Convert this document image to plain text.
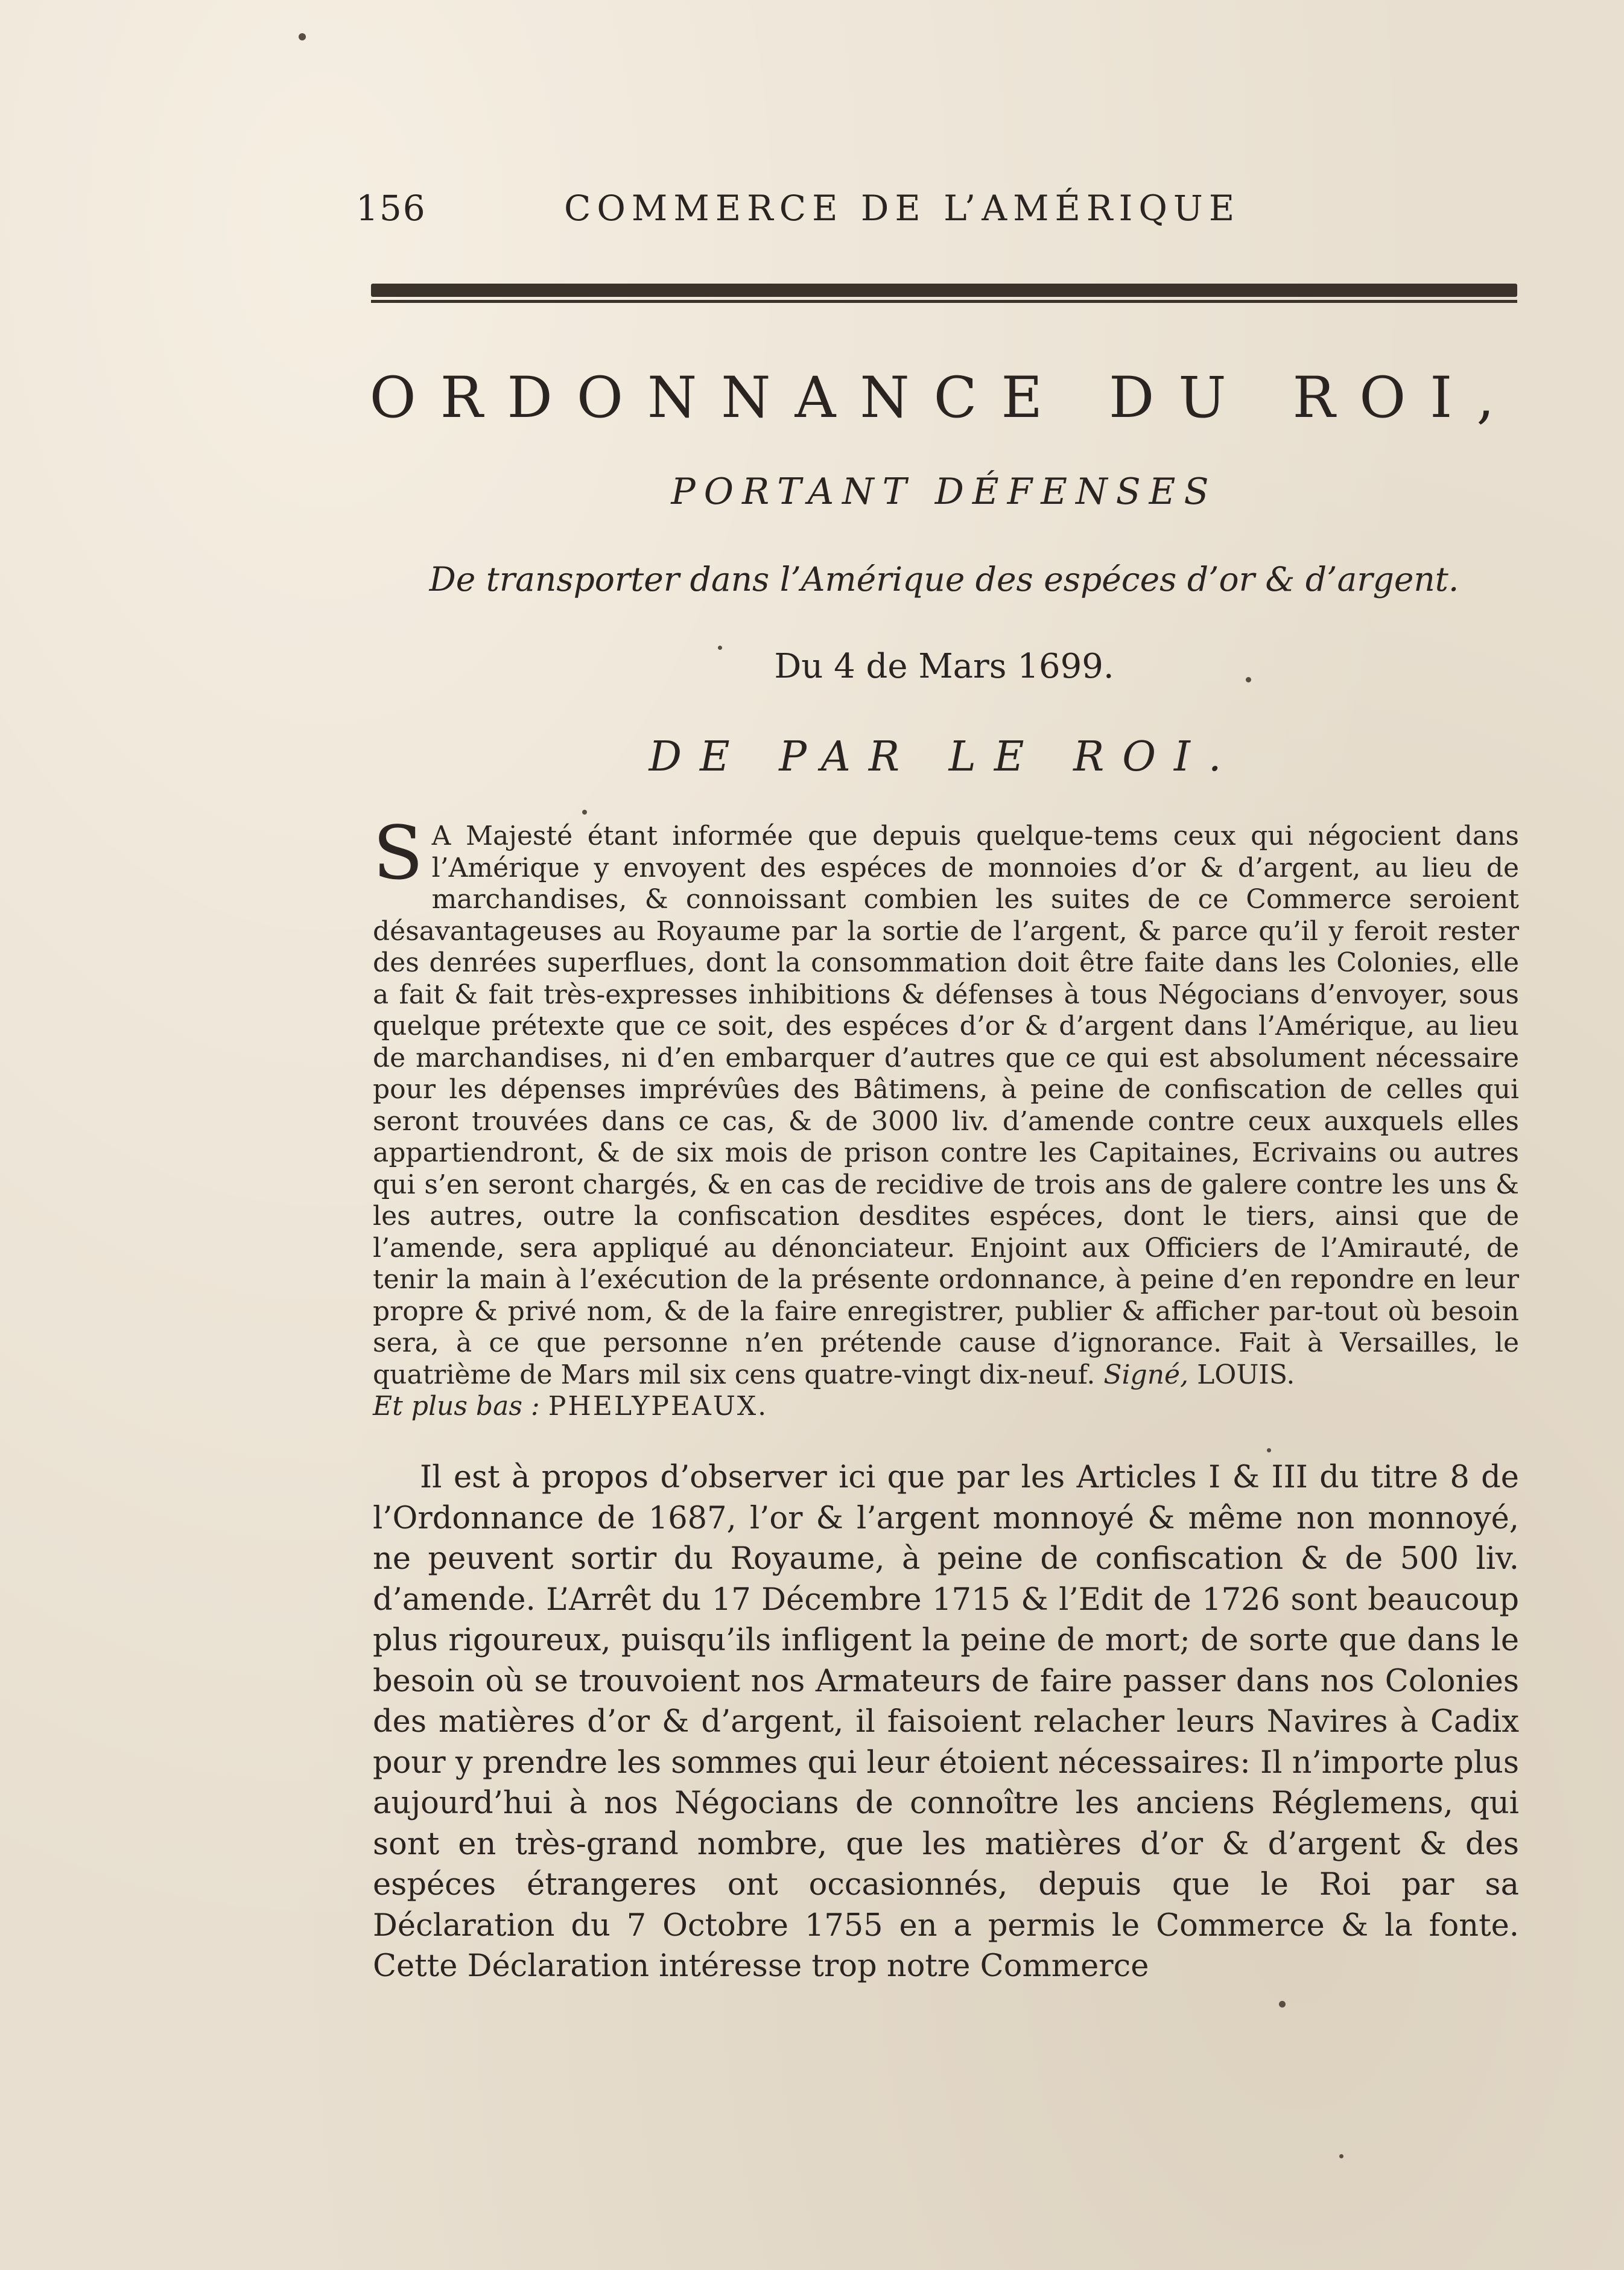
156	COMMERCE DE L’AMÉRIQUE
ORDONNANCE DU ROI,
PORTANT DÉFENSES
De transporter dans l’Amérique des espéces d’or & d’argent.
Du 4 de Mars 1699.
DE PAR LE ROI.
S A Majesté étant informée que depuis quelque-tems ceux qui négocient dans l’Amérique y envoyent des espéces de monnoies d’or & d’argent, au lieu de marchandises, & connoissant combien les suites de ce Commerce seroient désavantageuses au Royaume par la sortie de l’argent, & parce qu’il y feroit rester des denrées superflues, dont la consommation doit être faite dans les Colonies, elle a fait & fait très-expresses inhibitions & défenses à tous Négocians d’envoyer, sous quelque prétexte que ce soit, des espéces d’or & d’argent dans l’Amérique, au lieu de marchandises, ni d’en embarquer d’autres que ce qui est absolument nécessaire pour les dépenses imprévûes des Bâtimens, à peine de confiscation de celles qui seront trouvées dans ce cas, & de 3000 liv. d’amende contre ceux auxquels elles appartiendront, & de six mois de prison contre les Capitaines, Ecrivains ou autres qui s’en seront chargés, & en cas de recidive de trois ans de galere contre les uns & les autres, outre la confiscation desdites espéces, dont le tiers, ainsi que de l’amende, sera appliqué au dénonciateur. Enjoint aux Officiers de l’Amirauté, de tenir la main à l’exécution de la présente ordonnance, à peine d’en repondre en leur propre & privé nom, & de la faire enregistrer, publier & afficher par-tout où besoin sera, à ce que personne n’en prétende cause d’ignorance. Fait à Versailles, le quatrième de Mars mil six cens quatre-vingt dix-neuf. Signé, LOUIS.
Et plus bas : PHELYPEAUX.
Il est à propos d’observer ici que par les Articles I & III du titre 8 de l’Ordonnance de 1687, l’or & l’argent monnoyé & même non monnoyé, ne peuvent sortir du Royaume, à peine de confiscation & de 500 liv. d’amende. L’Arrêt du 17 Décembre 1715 & l’Edit de 1726 sont beaucoup plus rigoureux, puisqu’ils infligent la peine de mort; de sorte que dans le besoin où se trouvoient nos Armateurs de faire passer dans nos Colonies des matières d’or & d’argent, il faisoient relacher leurs Navires à Cadix pour y prendre les sommes qui leur étoient nécessaires: Il n’importe plus aujourd’hui à nos Négocians de connoître les anciens Réglemens, qui sont en très-grand nombre, que les matières d’or & d’argent & des espéces étrangeres ont occasionnés, depuis que le Roi par sa Déclaration du 7 Octobre 1755 en a permis le Commerce & la fonte. Cette Déclaration intéresse trop notre Commerce
